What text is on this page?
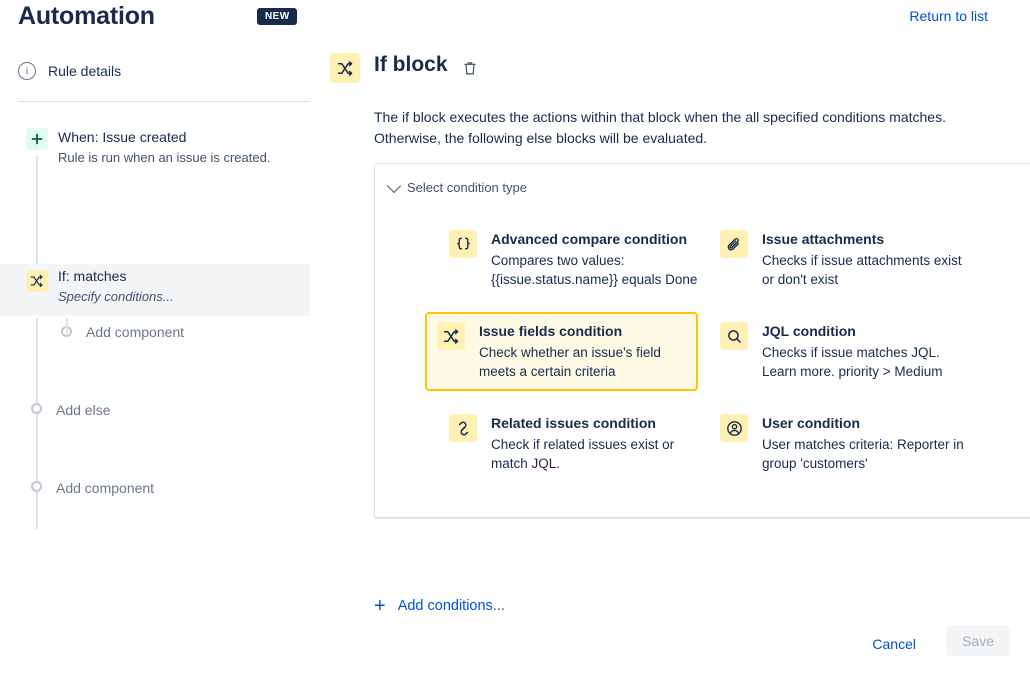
Automation	NEW	Return to list
i	Rule details
When: Issue created
Rule is run when an issue is created.
If: matches
Specify conditions...
Add component
Add else
Add component
If block
The if block executes the actions within that block when the all specified conditions matches. Otherwise, the following else blocks will be evaluated.
Select condition type
Advanced compare condition
Compares two values: {{issue.status.name}} equals Done
Issue attachments
Checks if issue attachments exist or don't exist
Issue fields condition
Check whether an issue's field meets a certain criteria
JQL condition
Checks if issue matches JQL. Learn more. priority > Medium
Related issues condition
Check if related issues exist or match JQL.
User condition
User matches criteria: Reporter in group 'customers'
+ Add conditions...
Cancel	Save
